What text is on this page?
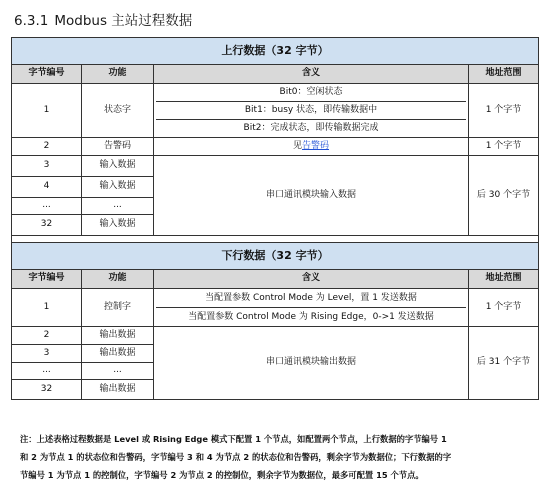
6.3.1 Modbus 主站过程数据
上行数据（32 字节）			
字节编号	功能	含义	地址范围
1	状态字	Bit0：空闲状态
Bit1：busy 状态，即传输数据中
Bit2：完成状态，即传输数据完成	1 个字节
2	告警码	见告警码	1 个字节
3	输入数据	串口通讯模块输入数据	后 30 个字节
4	输入数据		
...	...		
32	输入数据		

下行数据（32 字节）			
字节编号	功能	含义	地址范围
1	控制字	当配置参数 Control Mode 为 Level，置 1 发送数据
当配置参数 Control Mode 为 Rising Edge，0->1 发送数据	1 个字节
2	输出数据	串口通讯模块输出数据	后 31 个字节
3	输出数据		
...	...		
32	输出数据		
注：上述表格过程数据是 Level 或 Rising Edge 模式下配置 1 个节点，如配置两个节点，上行数据的字节编号 1
和 2 为节点 1 的状态位和告警码，字节编号 3 和 4 为节点 2 的状态位和告警码，剩余字节为数据位；下行数据的字
节编号 1 为节点 1 的控制位，字节编号 2 为节点 2 的控制位，剩余字节为数据位，最多可配置 15 个节点。
